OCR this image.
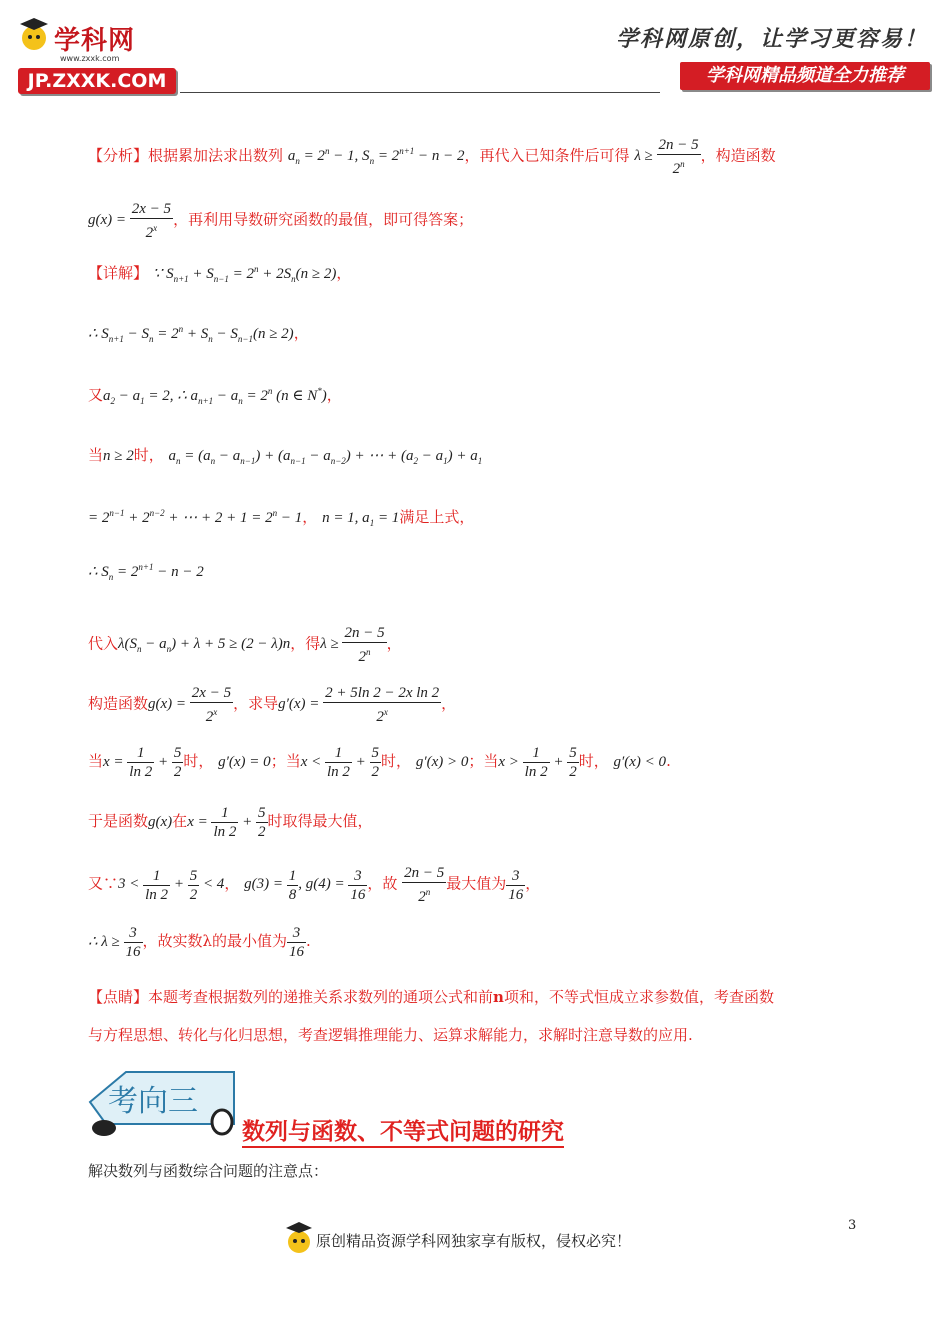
学科网
www.zxxk.com
JP.ZXXK.COM
学科网原创，让学习更容易！
学科网精品频道全力推荐
【分析】根据累加法求出数列 $a_n = 2^n - 1$, $S_n = 2^{n+1} - n - 2$，再代入已知条件后可得 $\lambda \ge \frac{2n - 5}{2^n}$ ，构造函数
$g(x) = \frac{2x - 5}{2^x}$ ，再利用导数研究函数的最值，即可得答案；
【详解】 ∵ $S_{n+1} + S_{n-1} = 2^n + 2S_n(n \ge 2)$，
∴ $S_{n+1} - S_n = 2^n + S_n - S_{n-1}(n \ge 2)$，
又$a_2 - a_1 = 2$, ∴ $a_{n+1} - a_n = 2^n$ (n ∈ N*)，
当n ≥ 2时， $a_n = (a_n - a_{n-1}) + (a_{n-1} - a_{n-2})$ + ⋯ + $(a_2 - a_1) + a_1$
= $2^{n-1} + 2^{n-2}$ + ⋯ + $2 + 1 = 2^n - 1$， n = 1, $a_1 = 1$满足上式，
∴ $S_n = 2^{n+1} - n - 2$
代入$\lambda(S_n - a_n) + \lambda + 5 \ge (2 - \lambda)n$，得$\lambda \ge \frac{2n - 5}{2^n}$ ，
构造函数$g(x) = \frac{2x - 5}{2^x}$ ，求导$g'(x) = \frac{\text{2 + 5ln 2 − 2x ln 2}}{2^x}$ ，
当$x = \frac{1}{\ln 2} + \frac{5}{2}$ 时， g′(x) = 0；当$x < \frac{1}{\ln 2} + \frac{5}{2}$ 时， g′(x) > 0；当$x > \frac{1}{\ln 2} + \frac{5}{2}$ 时， g′(x) < 0.
于是函数g(x)在$x = \frac{1}{\ln 2} + \frac{5}{2}$ 时取得最大值，
又∵3 < $\frac{1}{\ln 2} + \frac{5}{2} < 4$， $g(3) = \frac{1}{8}$ , $g(4) = \frac{3}{16}$ ，故 $\frac{2n - 5}{2^n}$ 最大值为 $\frac{3}{16}$ ，
∴ $\lambda \ge \frac{3}{16}$ ，故实数λ的最小值为 $\frac{3}{16}$ .
【点睛】本题考查根据数列的递推关系求数列的通项公式和前n项和，不等式恒成立求参数值，考查函数
与方程思想、转化与化归思想，考查逻辑推理能力、运算求解能力，求解时注意导数的应用.
考向三
数列与函数、不等式问题的研究
解决数列与函数综合问题的注意点：
原创精品资源学科网独家享有版权，侵权必究！
3
